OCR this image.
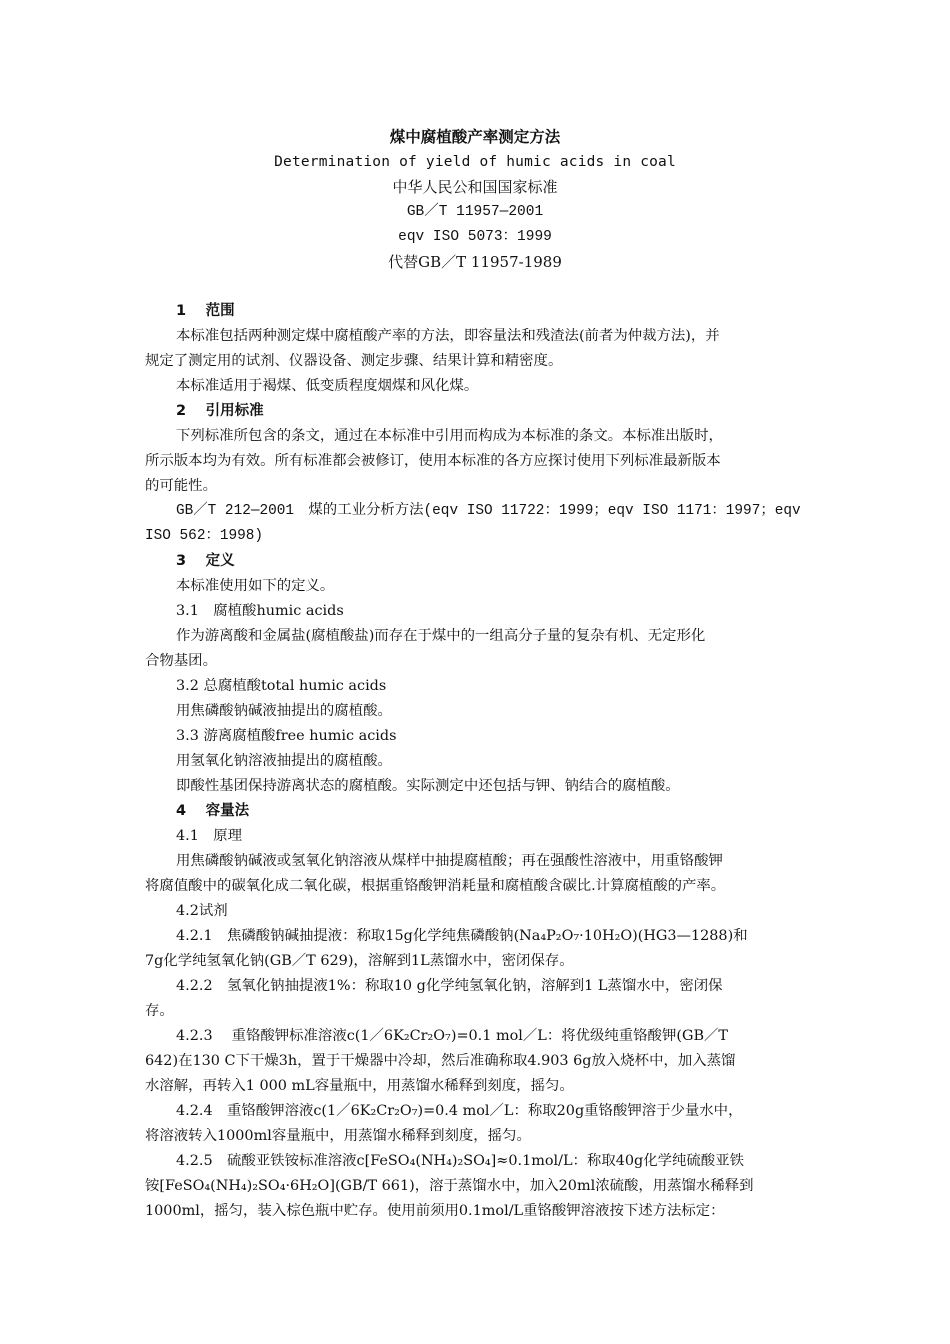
煤中腐植酸产率测定方法
Determination of yield of humic acids in coal
中华人民公和国国家标准
GB／T 11957—2001
eqv ISO 5073：1999
代替GB／T 11957-1989
1　 范围
本标准包括两种测定煤中腐植酸产率的方法，即容量法和残渣法(前者为仲裁方法)，并
规定了测定用的试剂、仪器设备、测定步骤、结果计算和精密度。
本标准适用于褐煤、低变质程度烟煤和风化煤。
2　 引用标准
下列标准所包含的条文，通过在本标准中引用而构成为本标准的条文。本标准出版时，
所示版本均为有效。所有标准都会被修订，使用本标准的各方应探讨使用下列标准最新版本
的可能性。
GB／T 212—2001　煤的工业分析方法(eqv ISO 11722：1999；eqv ISO 1171：1997；eqv
ISO 562：1998)
3　 定义
本标准使用如下的定义。
3.1　腐植酸humic acids
作为游离酸和金属盐(腐植酸盐)而存在于煤中的一组高分子量的复杂有机、无定形化
合物基团。
3.2 总腐植酸total humic acids
用焦磷酸钠碱液抽提出的腐植酸。
3.3 游离腐植酸free humic acids
用氢氧化钠溶液抽提出的腐植酸。
即酸性基团保持游离状态的腐植酸。实际测定中还包括与钾、钠结合的腐植酸。
4　 容量法
4.1　原理
用焦磷酸钠碱液或氢氧化钠溶液从煤样中抽提腐植酸；再在强酸性溶液中，用重铬酸钾
将腐值酸中的碳氧化成二氧化碳，根据重铬酸钾消耗量和腐植酸含碳比.计算腐植酸的产率。
4.2试剂
4.2.1　焦磷酸钠碱抽提液：称取15g化学纯焦磷酸钠(Na₄P₂O₇·10H₂O)(HG3—1288)和
7g化学纯氢氧化钠(GB／T 629)，溶解到1L蒸馏水中，密闭保存。
4.2.2　氢氧化钠抽提液1%：称取10 g化学纯氢氧化钠，溶解到1 L蒸馏水中，密闭保
存。
4.2.3　 重铬酸钾标准溶液c(1／6K₂Cr₂O₇)=0.1 mol／L：将优级纯重铬酸钾(GB／T
642)在130 C下干燥3h，置于干燥器中冷却，然后准确称取4.903 6g放入烧杯中，加入蒸馏
水溶解，再转入1 000 mL容量瓶中，用蒸馏水稀释到刻度，摇匀。
4.2.4　重铬酸钾溶液c(1／6K₂Cr₂O₇)=0.4 mol／L：称取20g重铬酸钾溶于少量水中，
将溶液转入1000ml容量瓶中，用蒸馏水稀释到刻度，摇匀。
4.2.5　硫酸亚铁铵标准溶液c[FeSO₄(NH₄)₂SO₄]≈0.1mol/L：称取40g化学纯硫酸亚铁
铵[FeSO₄(NH₄)₂SO₄·6H₂O](GB/T 661)，溶于蒸馏水中，加入20ml浓硫酸，用蒸馏水稀释到
1000ml，摇匀，装入棕色瓶中贮存。使用前须用0.1mol/L重铬酸钾溶液按下述方法标定：
